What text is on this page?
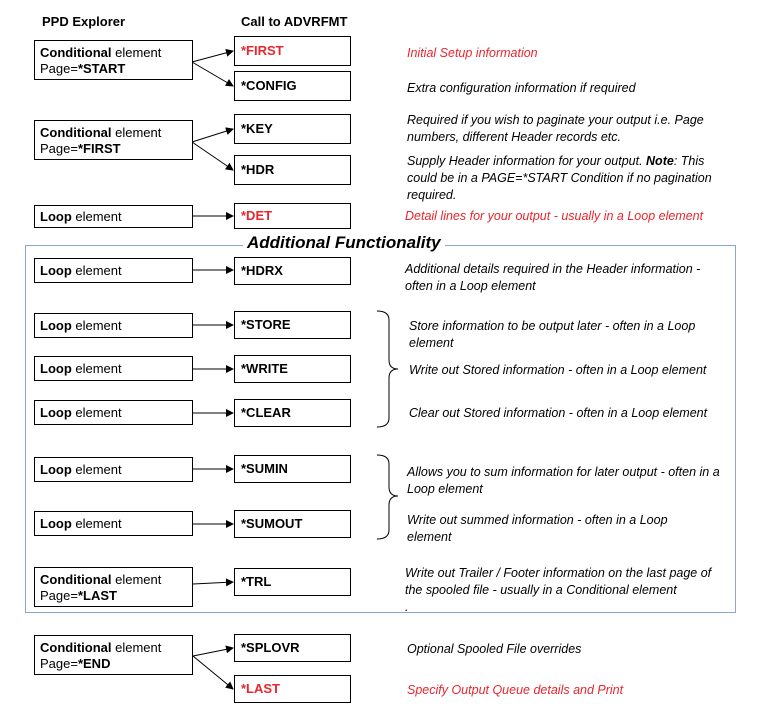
PPD Explorer	Call to ADVRFMT
Additional Functionality
Conditional element
Page=*START
Conditional element
Page=*FIRST
Loop element
Loop element
Loop element
Loop element
Loop element
Loop element
Loop element
Conditional element
Page=*LAST
Conditional element
Page=*END
*FIRST
*CONFIG
*KEY
*HDR
*DET
*HDRX
*STORE
*WRITE
*CLEAR
*SUMIN
*SUMOUT
*TRL
*SPLOVR
*LAST
Initial Setup information
Extra configuration information if required
Required if you wish to paginate your output i.e. Page numbers, different Header records etc.
Supply Header information for your output. Note: This could be in a PAGE=*START Condition if no pagination required.
Detail lines for your output - usually in a Loop element
Additional details required in the Header information - often in a Loop element
Store information to be output later - often in a Loop element
Write out Stored information - often in a Loop element
Clear out Stored information - often in a Loop element
Allows you to sum information for later output - often in a Loop element
Write out summed information - often in a Loop element
Write out Trailer / Footer information on the last page of the spooled file - usually in a Conditional element
.
Optional Spooled File overrides
Specify Output Queue details and Print
